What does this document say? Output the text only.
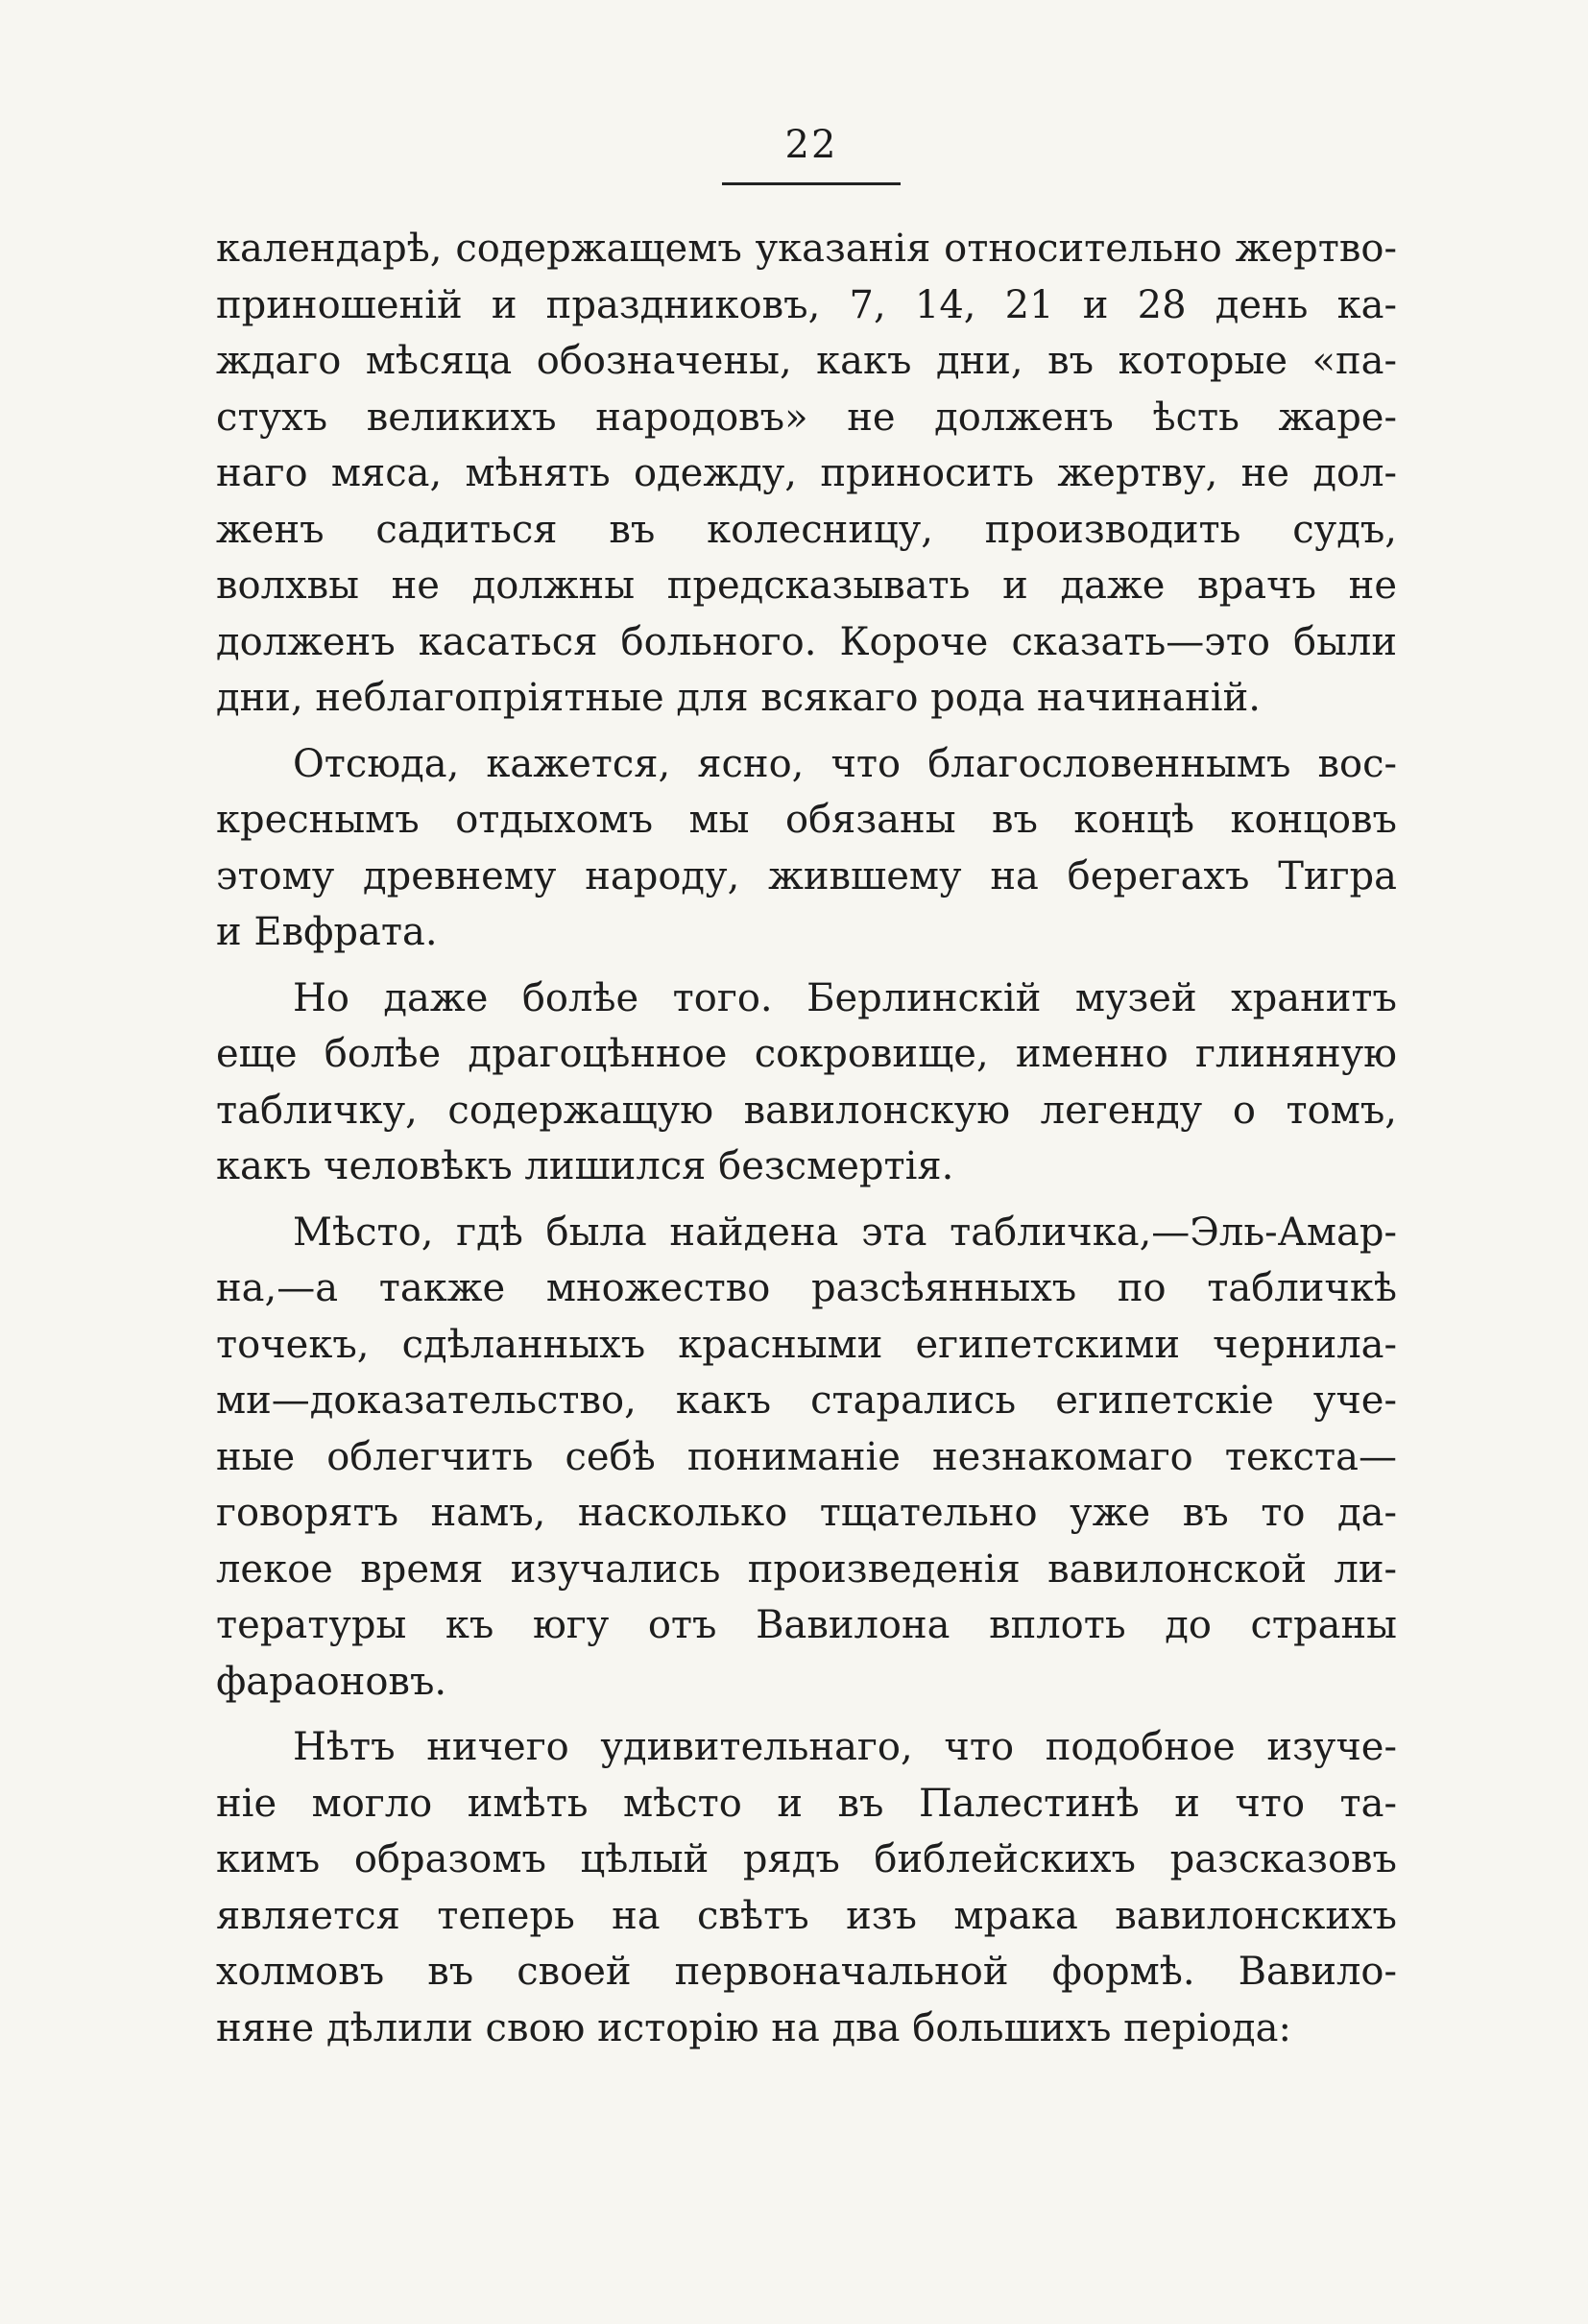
22
календарѣ, содержащемъ указанія относительно жертво-
приношеній и праздниковъ, 7, 14, 21 и 28 день ка-
ждаго мѣсяца обозначены, какъ дни, въ которые «па-
стухъ великихъ народовъ» не долженъ ѣсть жаре-
наго мяса, мѣнять одежду, приносить жертву, не дол-
женъ садиться въ колесницу, производить судъ,
волхвы не должны предсказывать и даже врачъ не
долженъ касаться больного. Короче сказать—это были
дни, неблагопріятные для всякаго рода начинаній.
Отсюда, кажется, ясно, что благословеннымъ вос-
креснымъ отдыхомъ мы обязаны въ концѣ концовъ
этому древнему народу, жившему на берегахъ Тигра
и Евфрата.
Но даже болѣе того. Берлинскій музей хранитъ
еще болѣе драгоцѣнное сокровище, именно глиняную
табличку, содержащую вавилонскую легенду о томъ,
какъ человѣкъ лишился безсмертія.
Мѣсто, гдѣ была найдена эта табличка,—Эль-Амар-
на,—а также множество разсѣянныхъ по табличкѣ
точекъ, сдѣланныхъ красными египетскими чернила-
ми—доказательство, какъ старались египетскіе уче-
ные облегчить себѣ пониманіе незнакомаго текста—
говорятъ намъ, насколько тщательно уже въ то да-
лекое время изучались произведенія вавилонской ли-
тературы къ югу отъ Вавилона вплоть до страны
фараоновъ.
Нѣтъ ничего удивительнаго, что подобное изуче-
ніе могло имѣть мѣсто и въ Палестинѣ и что та-
кимъ образомъ цѣлый рядъ библейскихъ разсказовъ
является теперь на свѣтъ изъ мрака вавилонскихъ
холмовъ въ своей первоначальной формѣ. Вавило-
няне дѣлили свою исторію на два большихъ періода:
